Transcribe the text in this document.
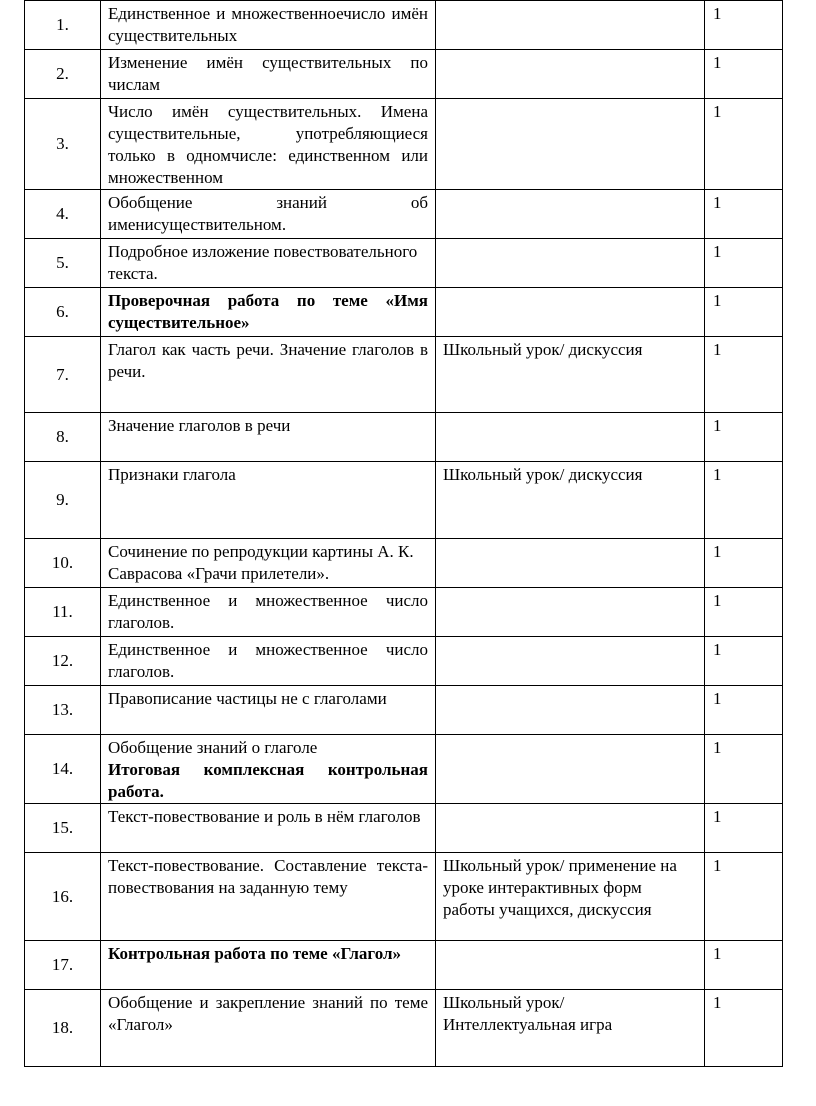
1.	Единственное и множественноечисло имён существительных		1
2.	Изменение имён существительных по числам		1
3.	Число имён существительных. Имена существительные, употребляющиеся только в одномчисле: единственном или множественном		1
4.	Обобщение знаний об именисуществительном.		1
5.	Подробное изложение повествовательного текста.		1
6.	Проверочная работа по теме «Имя существительное»		1
7.	Глагол как часть речи. Значение глаголов в речи.	Школьный урок/ дискуссия	1
8.	Значение глаголов в речи		1
9.	Признаки глагола	Школьный урок/ дискуссия	1
10.	Сочинение по репродукции картины А. К. Саврасова «Грачи прилетели».		1
11.	Единственное и множественное число глаголов.		1
12.	Единственное и множественное число глаголов.		1
13.	Правописание частицы не с глаголами		1
14.	Обобщение знаний о глаголе
Итоговая комплексная контрольная работа.		1
15.	Текст-повествование и роль в нём глаголов		1
16.	Текст-повествование. Составление текста-повествования на заданную тему	Школьный урок/ применение на уроке интерактивных форм работы учащихся, дискуссия	1
17.	Контрольная работа по теме «Глагол»		1
18.	Обобщение и закрепление знаний по теме «Глагол»	Школьный урок/ Интеллектуальная игра	1
